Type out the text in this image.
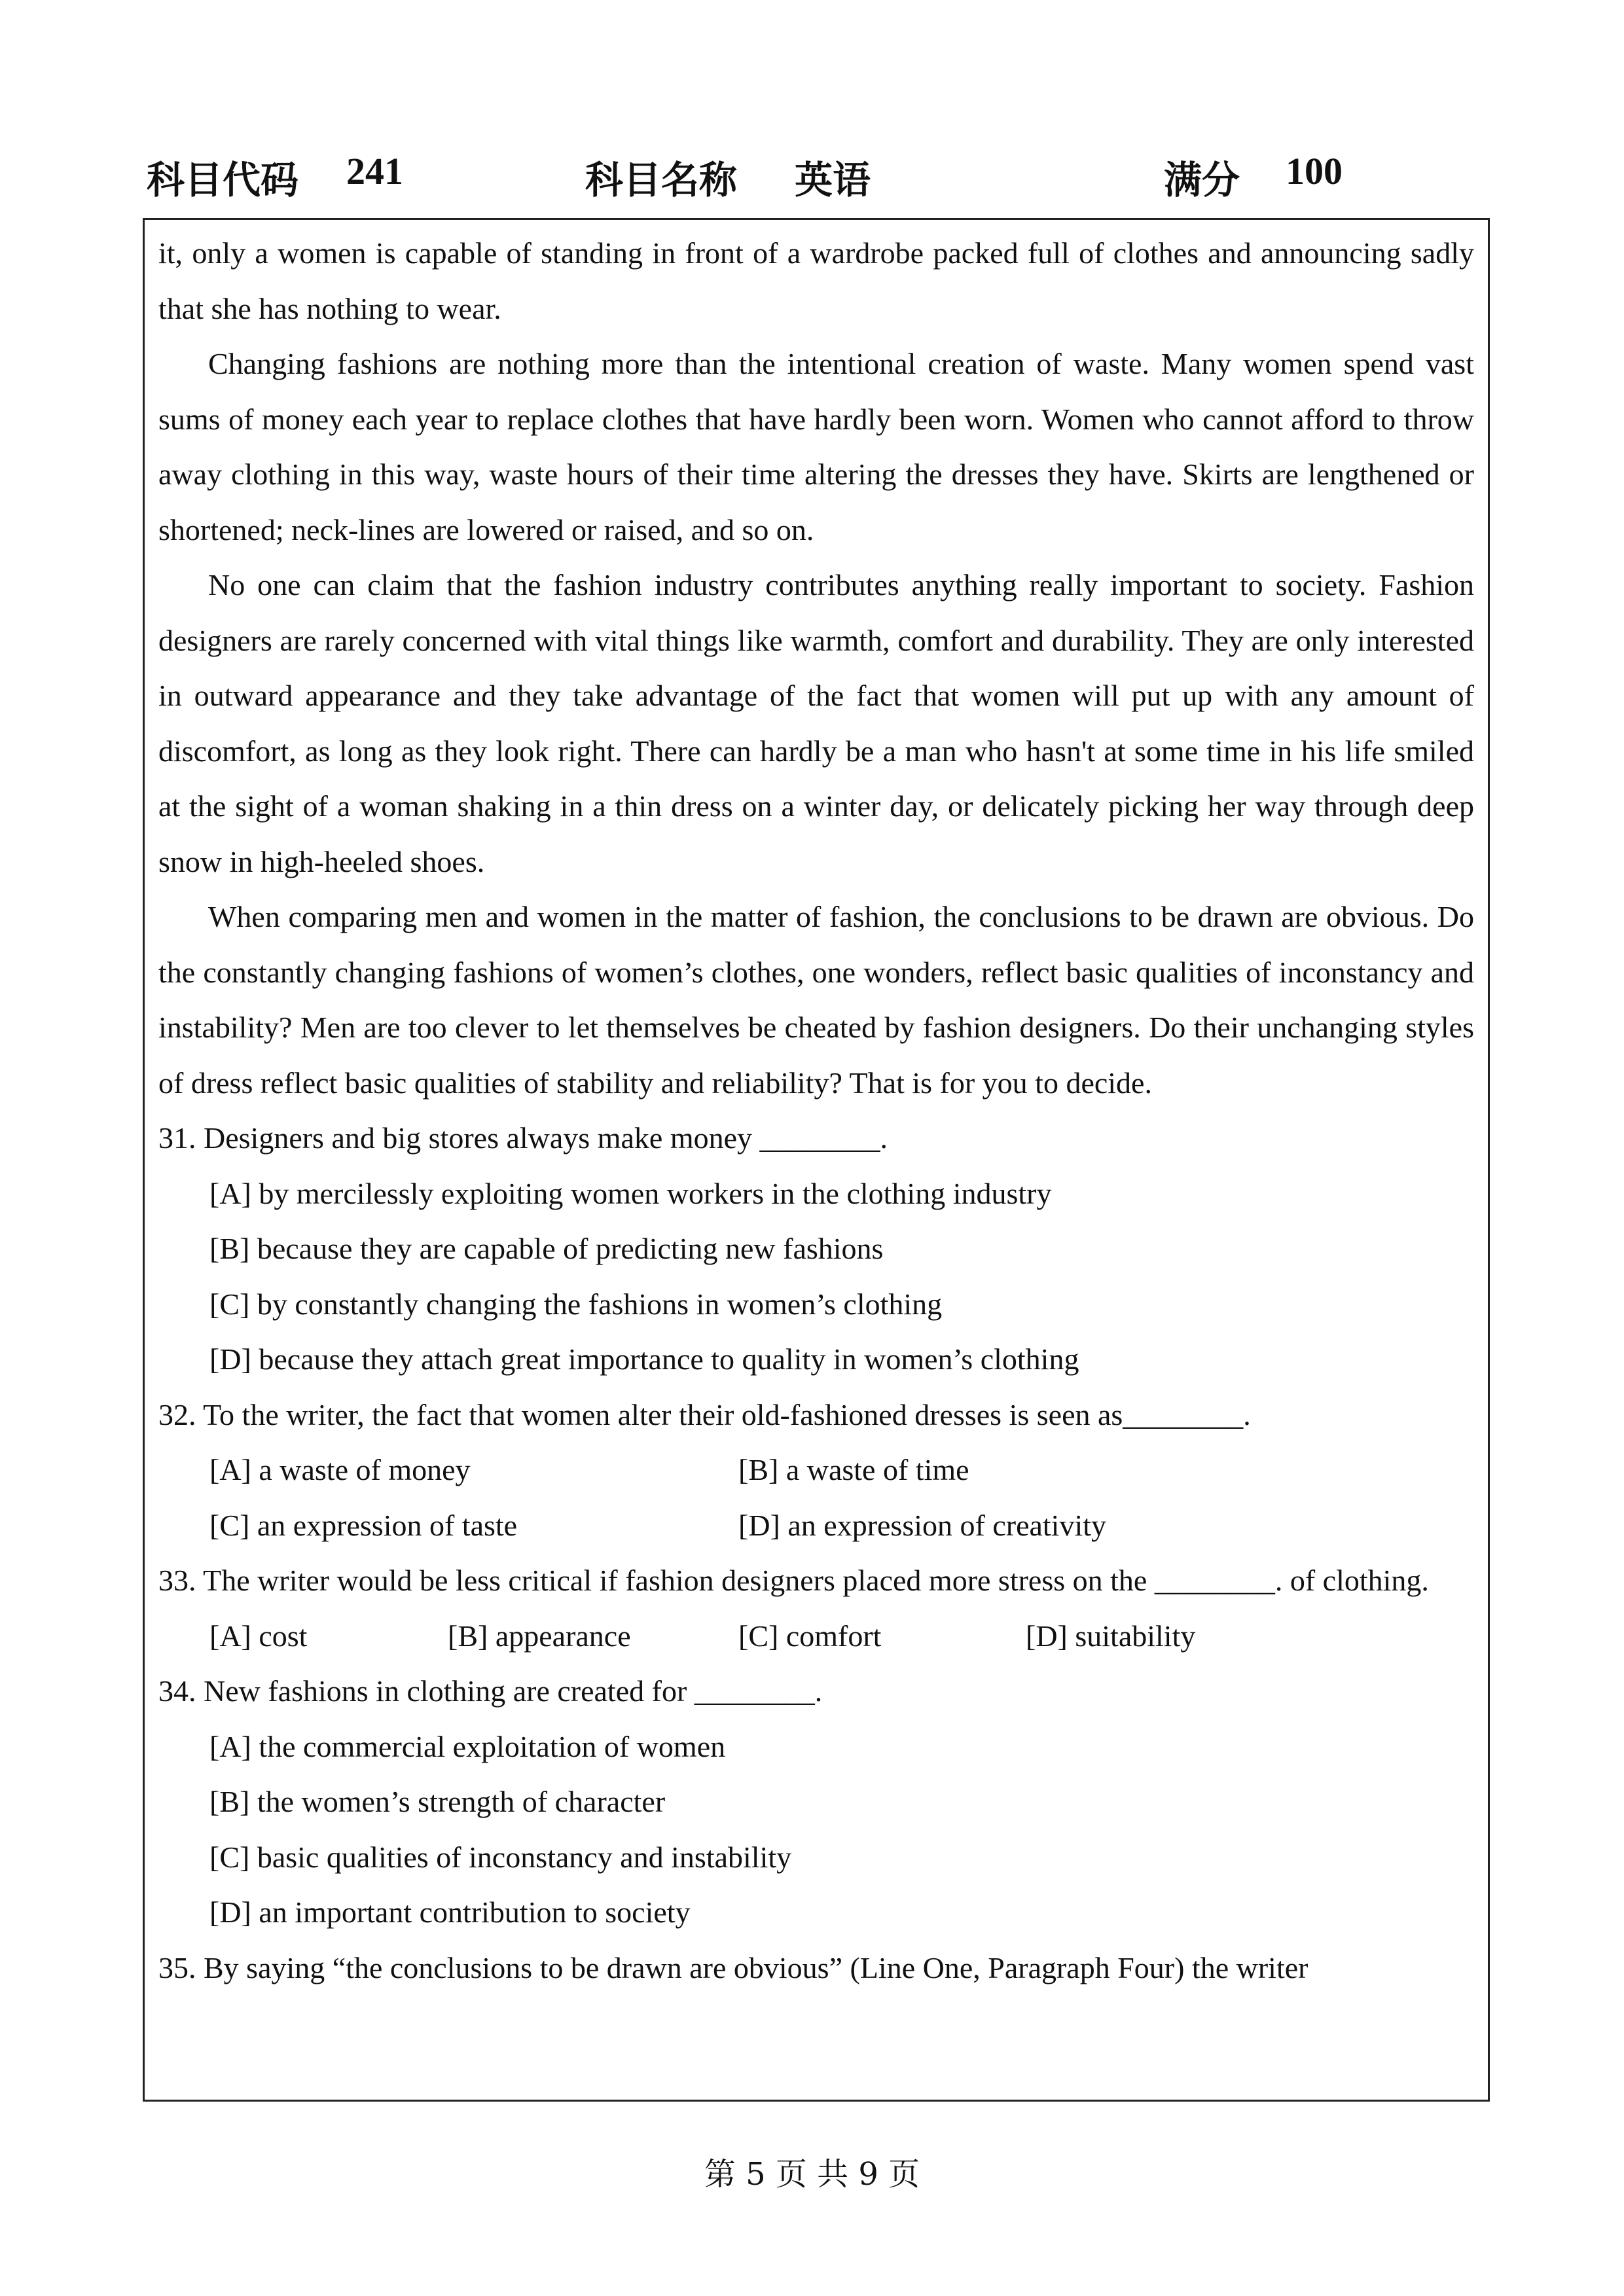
科目代码 241	科目名称 英语	满分 100

it, only a women is capable of standing in front of a wardrobe packed full of clothes and announcing sadly that she has nothing to wear.

Changing fashions are nothing more than the intentional creation of waste. Many women spend vast sums of money each year to replace clothes that have hardly been worn. Women who cannot afford to throw away clothing in this way, waste hours of their time altering the dresses they have. Skirts are lengthened or shortened; neck-lines are lowered or raised, and so on.

No one can claim that the fashion industry contributes anything really important to society. Fashion designers are rarely concerned with vital things like warmth, comfort and durability. They are only interested in outward appearance and they take advantage of the fact that women will put up with any amount of discomfort, as long as they look right. There can hardly be a man who hasn't at some time in his life smiled at the sight of a woman shaking in a thin dress on a winter day, or delicately picking her way through deep snow in high-heeled shoes.

When comparing men and women in the matter of fashion, the conclusions to be drawn are obvious. Do the constantly changing fashions of women’s clothes, one wonders, reflect basic qualities of inconstancy and instability? Men are too clever to let themselves be cheated by fashion designers. Do their unchanging styles of dress reflect basic qualities of stability and reliability? That is for you to decide.

31. Designers and big stores always make money ________.

[A] by mercilessly exploiting women workers in the clothing industry

[B] because they are capable of predicting new fashions

[C] by constantly changing the fashions in women’s clothing

[D] because they attach great importance to quality in women’s clothing

32. To the writer, the fact that women alter their old-fashioned dresses is seen as________.

[A] a waste of money	[B] a waste of time
[C] an expression of taste	[D] an expression of creativity

33. The writer would be less critical if fashion designers placed more stress on the ________. of clothing.

[A] cost	[B] appearance	[C] comfort	[D] suitability

34. New fashions in clothing are created for ________.

[A] the commercial exploitation of women

[B] the women’s strength of character

[C] basic qualities of inconstancy and instability

[D] an important contribution to society

35. By saying “the conclusions to be drawn are obvious” (Line One, Paragraph Four) the writer

第 5 页 共 9 页
